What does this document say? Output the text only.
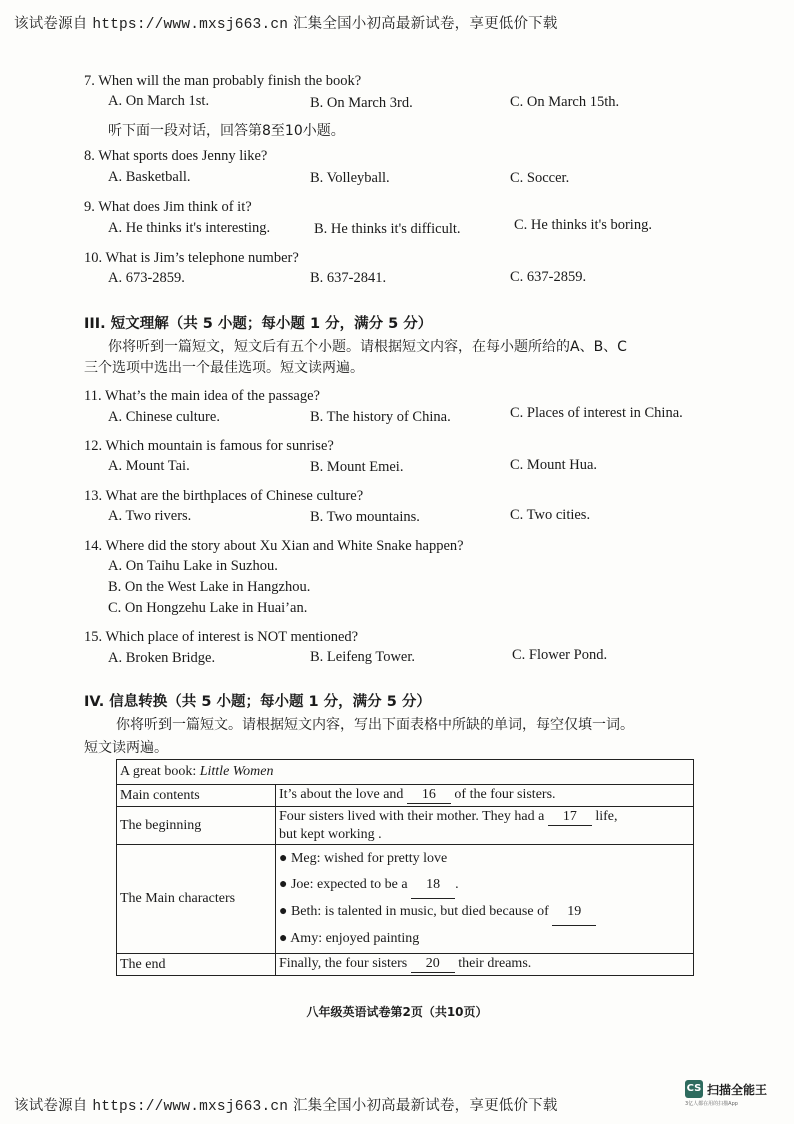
该试卷源自 https://www.mxsj663.cn 汇集全国小初高最新试卷，享更低价下载
7. When will the man probably finish the book?
A. On March 1st.	B. On March 3rd.	C. On March 15th.
听下面一段对话，回答第8至10小题。
8. What sports does Jenny like?
A. Basketball.	B. Volleyball.	C. Soccer.
9. What does Jim think of it?
A. He thinks it's interesting.	B. He thinks it's difficult.	C. He thinks it's boring.
10. What is Jim’s telephone number?
A. 673-2859.	B. 637-2841.	C. 637-2859.
III. 短文理解（共 5 小题；每小题 1 分，满分 5 分）
你将听到一篇短文，短文后有五个小题。请根据短文内容，在每小题所给的A、B、C
三个选项中选出一个最佳选项。短文读两遍。
11. What’s the main idea of the passage?
A. Chinese culture.	B. The history of China.	C. Places of interest in China.
12. Which mountain is famous for sunrise?
A. Mount Tai.	B. Mount Emei.	C. Mount Hua.
13. What are the birthplaces of Chinese culture?
A. Two rivers.	B. Two mountains.	C. Two cities.
14. Where did the story about Xu Xian and White Snake happen?
A. On Taihu Lake in Suzhou.
B. On the West Lake in Hangzhou.
C. On Hongzehu Lake in Huai’an.
15. Which place of interest is NOT mentioned?
A. Broken Bridge.	B. Leifeng Tower.	C. Flower Pond.
IV. 信息转换（共 5 小题；每小题 1 分，满分 5 分）
你将听到一篇短文。请根据短文内容，写出下面表格中所缺的单词，每空仅填一词。
短文读两遍。
A great book: Little Women	
Main contents	It’s about the love and 16 of the four sisters.
The beginning	Four sisters lived with their mother. They had a 17 life,
but kept working .
The Main characters	● Meg: wished for pretty love
● Joe: expected to be a 18 .
● Beth: is talented in music, but died because of 19
● Amy: enjoyed painting

The end	Finally, the four sisters 20 their dreams.
八年级英语试卷第2页（共10页）
该试卷源自 https://www.mxsj663.cn 汇集全国小初高最新试卷，享更低价下载
CS 扫描全能王
3亿人都在用的扫描App
